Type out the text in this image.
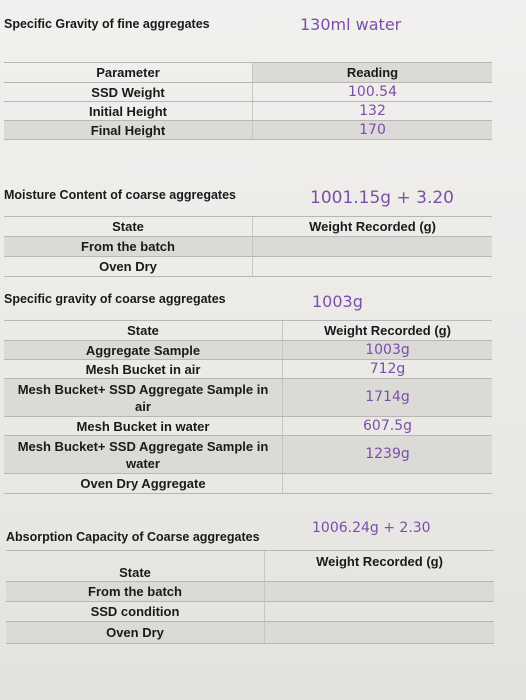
Specific Gravity of fine aggregates	130ml water
Parameter	Reading
SSD Weight	100.54
Initial Height	132
Final Height	170
Moisture Content of coarse aggregates	1001.15g + 3.20
State	Weight Recorded (g)
From the batch	
Oven Dry	
Specific gravity of coarse aggregates	1003g
State	Weight Recorded (g)
Aggregate Sample	1003g
Mesh Bucket in air	712g
Mesh Bucket+ SSD Aggregate Sample in air	1714g
Mesh Bucket in water	607.5g
Mesh Bucket+ SSD Aggregate Sample in water	1239g
Oven Dry Aggregate	
Absorption Capacity of Coarse aggregates
1006.24g + 2.30
State	Weight Recorded (g)
From the batch	
SSD condition	
Oven Dry	
